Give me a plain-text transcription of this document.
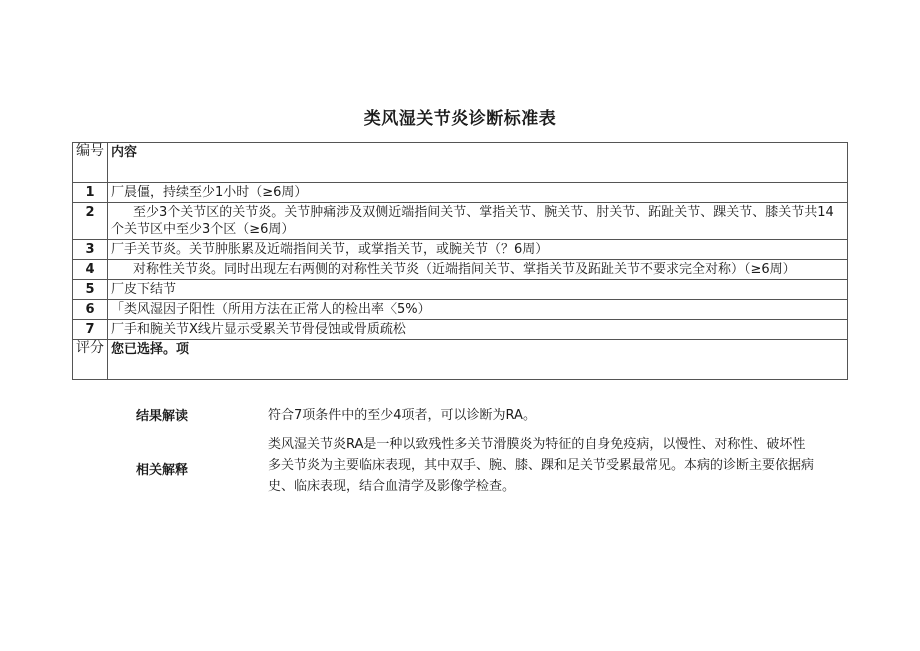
类风湿关节炎诊断标准表
编号	内容
1	厂晨僵，持续至少1小时（≥6周）
2	至少3个关节区的关节炎。关节肿痛涉及双侧近端指间关节、掌指关节、腕关节、肘关节、跖趾关节、踝关节、膝关节共14个关节区中至少3个区（≥6周）
3	厂手关节炎。关节肿胀累及近端指间关节，或掌指关节，或腕关节（？6周）
4	对称性关节炎。同时出现左右两侧的对称性关节炎（近端指间关节、掌指关节及跖趾关节不要求完全对称）（≥6周）
5	厂皮下结节
6	「类风湿因子阳性（所用方法在正常人的检出率〈5%）
7	厂手和腕关节X线片显示受累关节骨侵蚀或骨质疏松
评分	您已选择。项
结果解读	符合7项条件中的至少4项者，可以诊断为RA。
相关解释
类风湿关节炎RA是一种以致残性多关节滑膜炎为特征的自身免疫病，以慢性、对称性、破坏性多关节炎为主要临床表现，其中双手、腕、膝、踝和足关节受累最常见。本病的诊断主要依据病史、临床表现，结合血清学及影像学检查。
